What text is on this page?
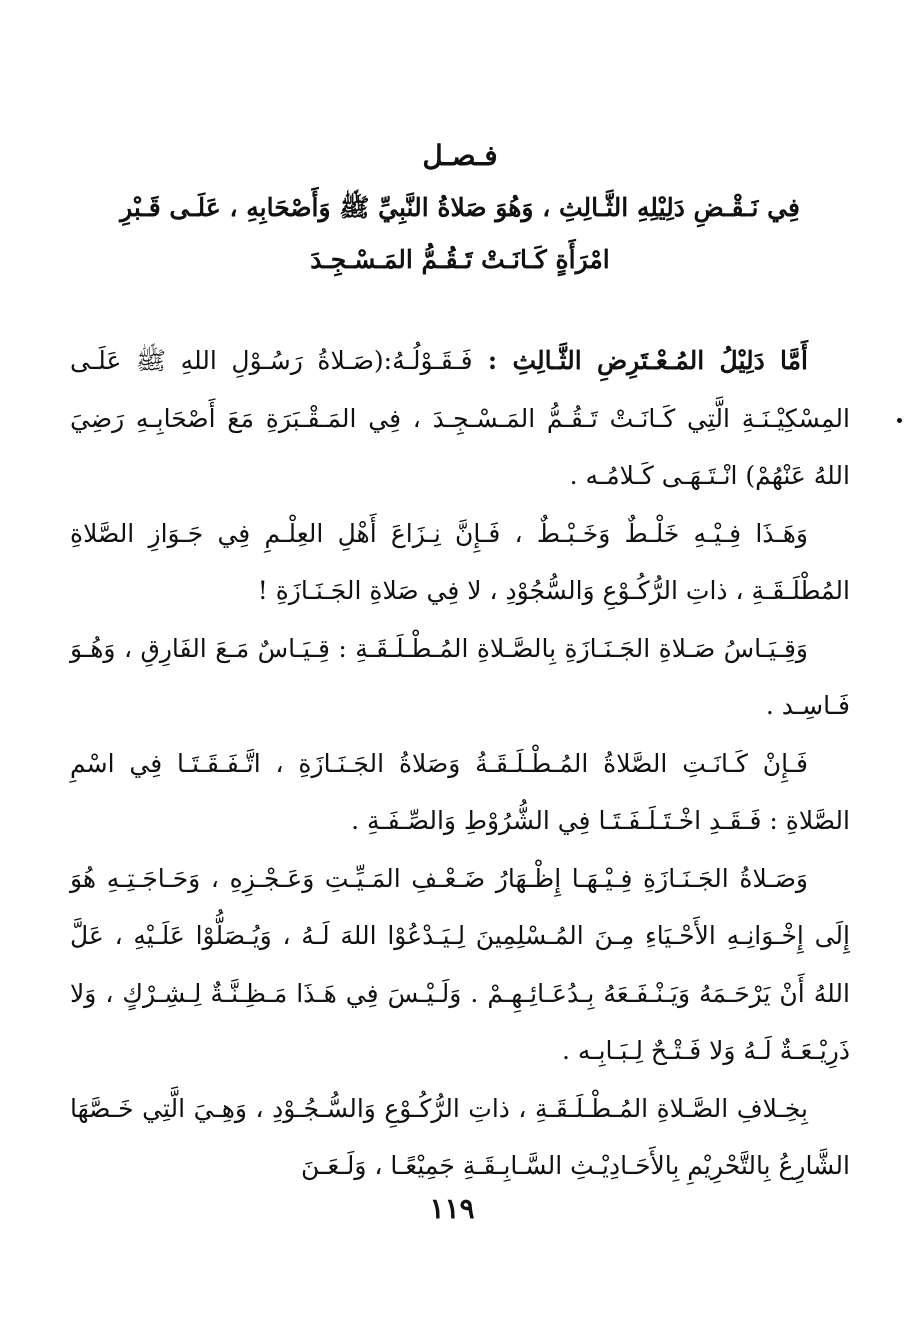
فـصـل
فِي نَـقْـضِ دَلِيْلِهِ الثَّـالِثِ ، وَهُوَ صَلاةُ النَّبِيِّ ﷺ وَأَصْحَابِهِ ، عَلَـى قَـبْرِ
امْرَأَةٍ كَـانَـتْ تَـقُـمُّ المَـسْـجِـدَ

أَمَّا دَلِيْلُ المُـعْـتَرِضِ الثَّـالِثِ : فَـقَـوْلُـهُ:(صَـلاةُ رَسُـوْلِ اللهِ ﷺ عَلَـى المِسْكِيْـنَـةِ الَّتِي كَـانَـتْ تَـقُـمُّ المَـسْـجِـدَ ، فِي المَـقْـبَرَةِ مَعَ أَصْحَابِـهِ رَضِيَ اللهُ عَنْهُمْ) انْـتَـهَـى كَـلامُـه .

وَهَـذَا فِـيْـهِ خَلْـطٌ وَخَـبْـطٌ ، فَـإِنَّ نِـزَاعَ أَهْلِ العِلْـمِ فِي جَـوَازِ الصَّلاةِ المُطْلَـقَـةِ ، ذاتِ الرُّكُـوْعِ وَالسُّجُوْدِ ، لا فِي صَلاةِ الجَـنَـازَةِ !

وَقِـيَـاسُ صَـلاةِ الجَـنَـازَةِ بِالصَّـلاةِ المُـطْـلَـقَـةِ : قِـيَـاسٌ مَـعَ الفَارِقِ ، وَهُـوَ فَـاسِـد .

فَـإِنْ كَـانَـتِ الصَّلاةُ المُـطْـلَـقَـةُ وَصَلاةُ الجَـنَـازَةِ ، اتَّـفَـقَـتَـا فِي اسْمِ الصَّلاةِ : فَـقَـدِ اخْـتَـلَـفَـتَـا فِي الشُّرُوْطِ وَالصِّـفَـةِ .

وَصَـلاةُ الجَـنَـازَةِ فِـيْـهَـا إِظْـهَارُ ضَـعْـفِ المَـيِّـتِ وَعَـجْـزِهِ ، وَحَـاجَـتِـهِ هُوَ إِلَى إِخْـوَانِـهِ الأَحْـيَاءِ مِـنَ المُـسْلِمِينَ لِـيَـدْعُوْا اللهَ لَـهُ ، وَيُـصَلُّوْا عَلَـيْهِ ، عَلَّ اللهُ أَنْ يَرْحَـمَهُ وَيَـنْـفَـعَهُ بِـدُعَـائِـهِـمْ . وَلَـيْـسَ فِي هَـذَا مَـظِـنَّـةٌ لِـشِـرْكٍ ، وَلا ذَرِيْـعَـةٌ لَـهُ وَلا فَـتْـحٌ لِـبَـابِـه .

بِخِـلافِ الصَّـلاةِ المُـطْـلَـقَـةِ ، ذاتِ الرُّكُـوْعِ وَالسُّـجُـوْدِ ، وَهِـيَ الَّتِي خَـصَّهَا الشَّارِعُ بِالتَّحْرِيْمِ بِالأَحَـادِيْـثِ السَّـابِـقَـةِ جَمِيْعًـا ، وَلَـعَـنَ

١١٩
